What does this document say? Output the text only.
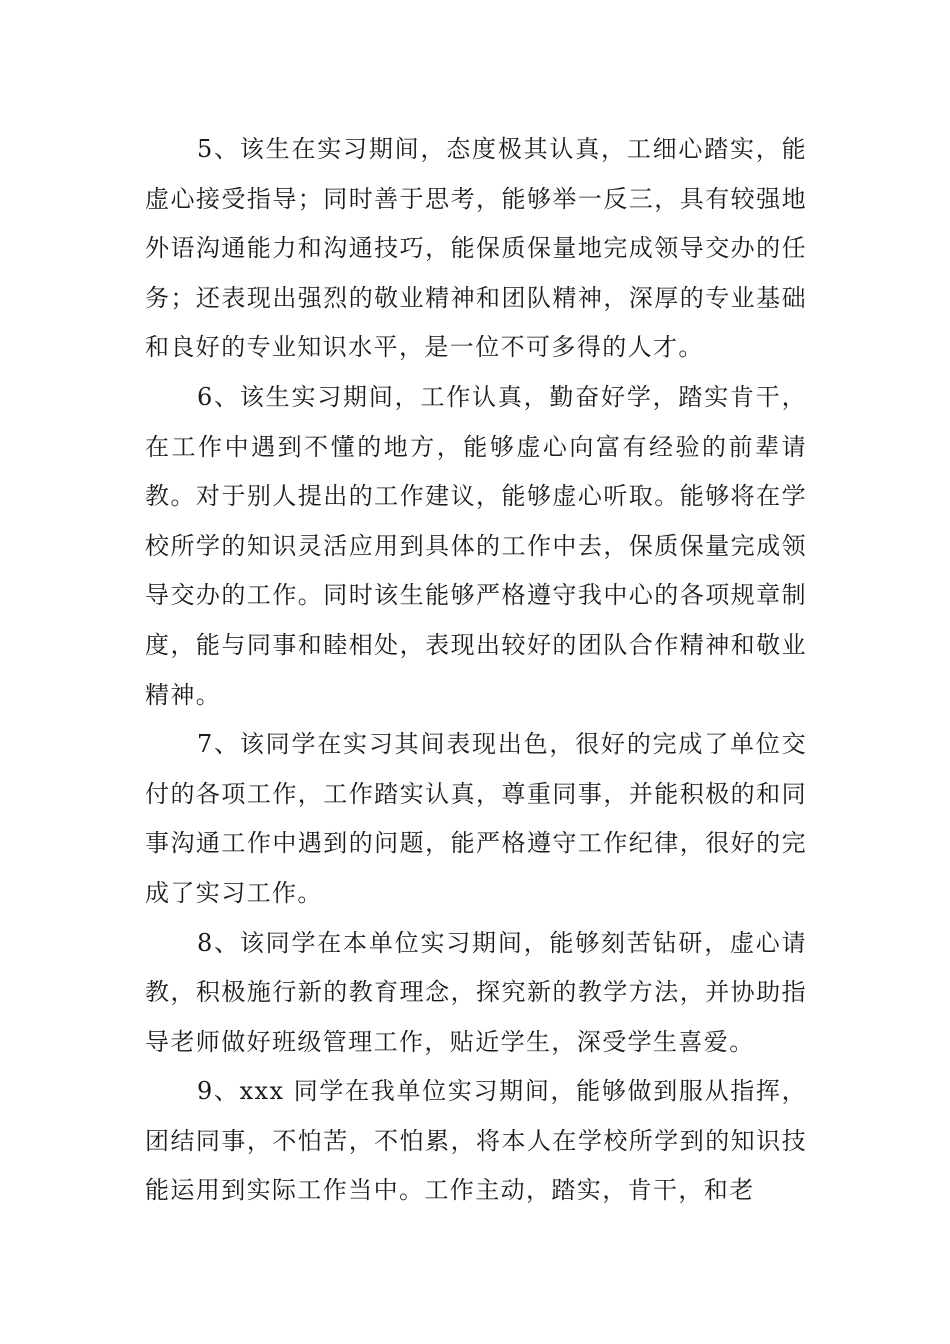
5、该生在实习期间，态度极其认真，工细心踏实，能虚心接受指导；同时善于思考，能够举一反三，具有较强地外语沟通能力和沟通技巧，能保质保量地完成领导交办的任务；还表现出强烈的敬业精神和团队精神，深厚的专业基础和良好的专业知识水平，是一位不可多得的人才。

6、该生实习期间，工作认真，勤奋好学，踏实肯干，在工作中遇到不懂的地方，能够虚心向富有经验的前辈请教。对于别人提出的工作建议，能够虚心听取。能够将在学校所学的知识灵活应用到具体的工作中去，保质保量完成领导交办的工作。同时该生能够严格遵守我中心的各项规章制度，能与同事和睦相处，表现出较好的团队合作精神和敬业精神。

7、该同学在实习其间表现出色，很好的完成了单位交付的各项工作，工作踏实认真，尊重同事，并能积极的和同事沟通工作中遇到的问题，能严格遵守工作纪律，很好的完成了实习工作。

8、该同学在本单位实习期间，能够刻苦钻研，虚心请教，积极施行新的教育理念，探究新的教学方法，并协助指导老师做好班级管理工作，贴近学生，深受学生喜爱。

9、xxx 同学在我单位实习期间，能够做到服从指挥，团结同事，不怕苦，不怕累，将本人在学校所学到的知识技能运用到实际工作当中。工作主动，踏实，肯干，和老
